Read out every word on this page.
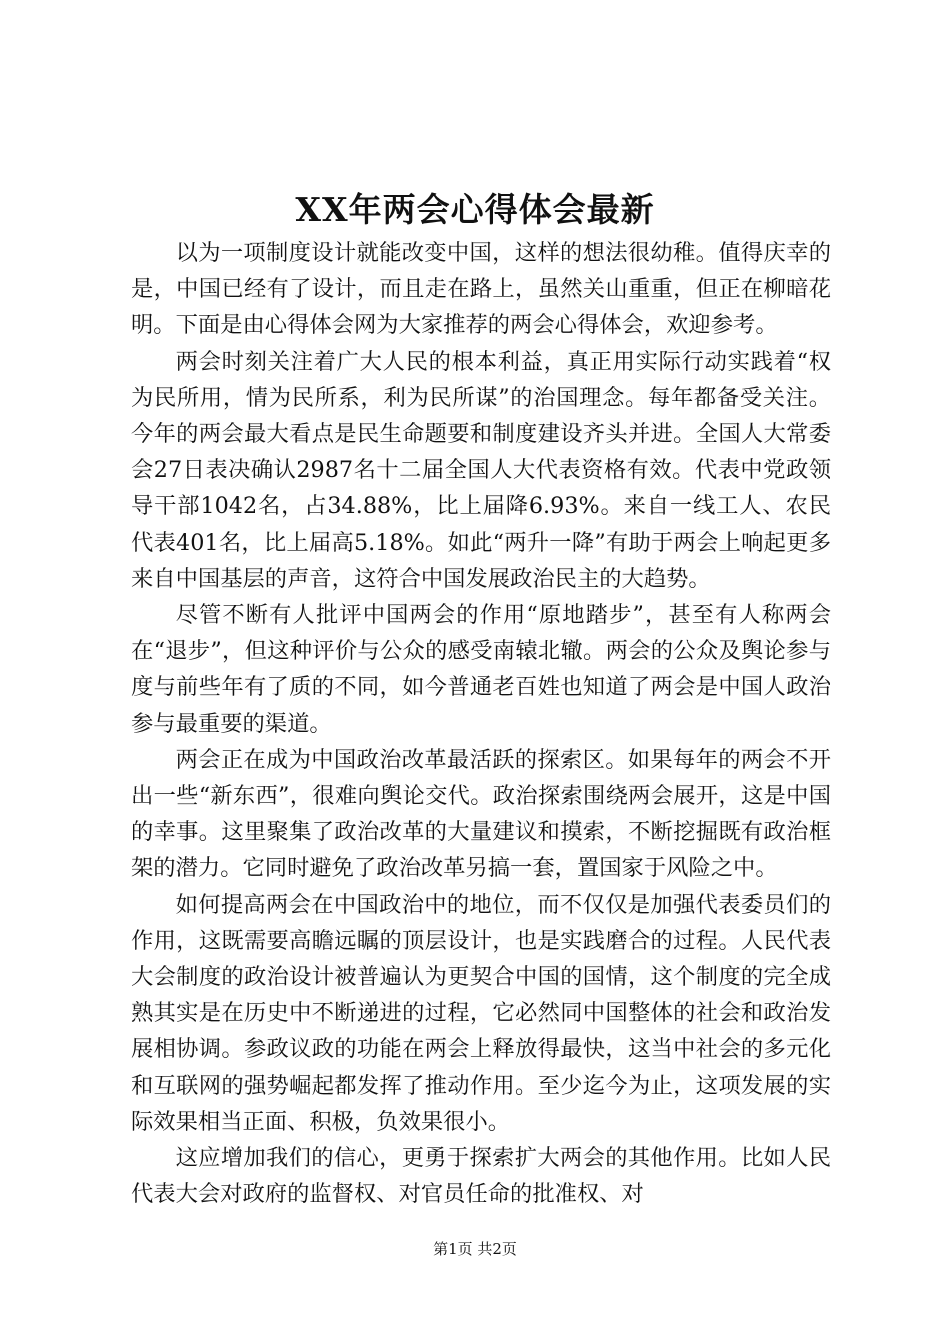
XX年两会心得体会最新

以为一项制度设计就能改变中国，这样的想法很幼稚。值得庆幸的是，中国已经有了设计，而且走在路上，虽然关山重重，但正在柳暗花明。下面是由心得体会网为大家推荐的两会心得体会，欢迎参考。

两会时刻关注着广大人民的根本利益，真正用实际行动实践着“权为民所用，情为民所系，利为民所谋”的治国理念。每年都备受关注。今年的两会最大看点是民生命题要和制度建设齐头并进。全国人大常委会27日表决确认2987名十二届全国人大代表资格有效。代表中党政领导干部1042名，占34.88%，比上届降6.93%。来自一线工人、农民代表401名，比上届高5.18%。如此“两升一降”有助于两会上响起更多来自中国基层的声音，这符合中国发展政治民主的大趋势。

尽管不断有人批评中国两会的作用“原地踏步”，甚至有人称两会在“退步”，但这种评价与公众的感受南辕北辙。两会的公众及舆论参与度与前些年有了质的不同，如今普通老百姓也知道了两会是中国人政治参与最重要的渠道。

两会正在成为中国政治改革最活跃的探索区。如果每年的两会不开出一些“新东西”，很难向舆论交代。政治探索围绕两会展开，这是中国的幸事。这里聚集了政治改革的大量建议和摸索，不断挖掘既有政治框架的潜力。它同时避免了政治改革另搞一套，置国家于风险之中。

如何提高两会在中国政治中的地位，而不仅仅是加强代表委员们的作用，这既需要高瞻远瞩的顶层设计，也是实践磨合的过程。人民代表大会制度的政治设计被普遍认为更契合中国的国情，这个制度的完全成熟其实是在历史中不断递进的过程，它必然同中国整体的社会和政治发展相协调。参政议政的功能在两会上释放得最快，这当中社会的多元化和互联网的强势崛起都发挥了推动作用。至少迄今为止，这项发展的实际效果相当正面、积极，负效果很小。

这应增加我们的信心，更勇于探索扩大两会的其他作用。比如人民代表大会对政府的监督权、对官员任命的批准权、对

第1页 共2页
